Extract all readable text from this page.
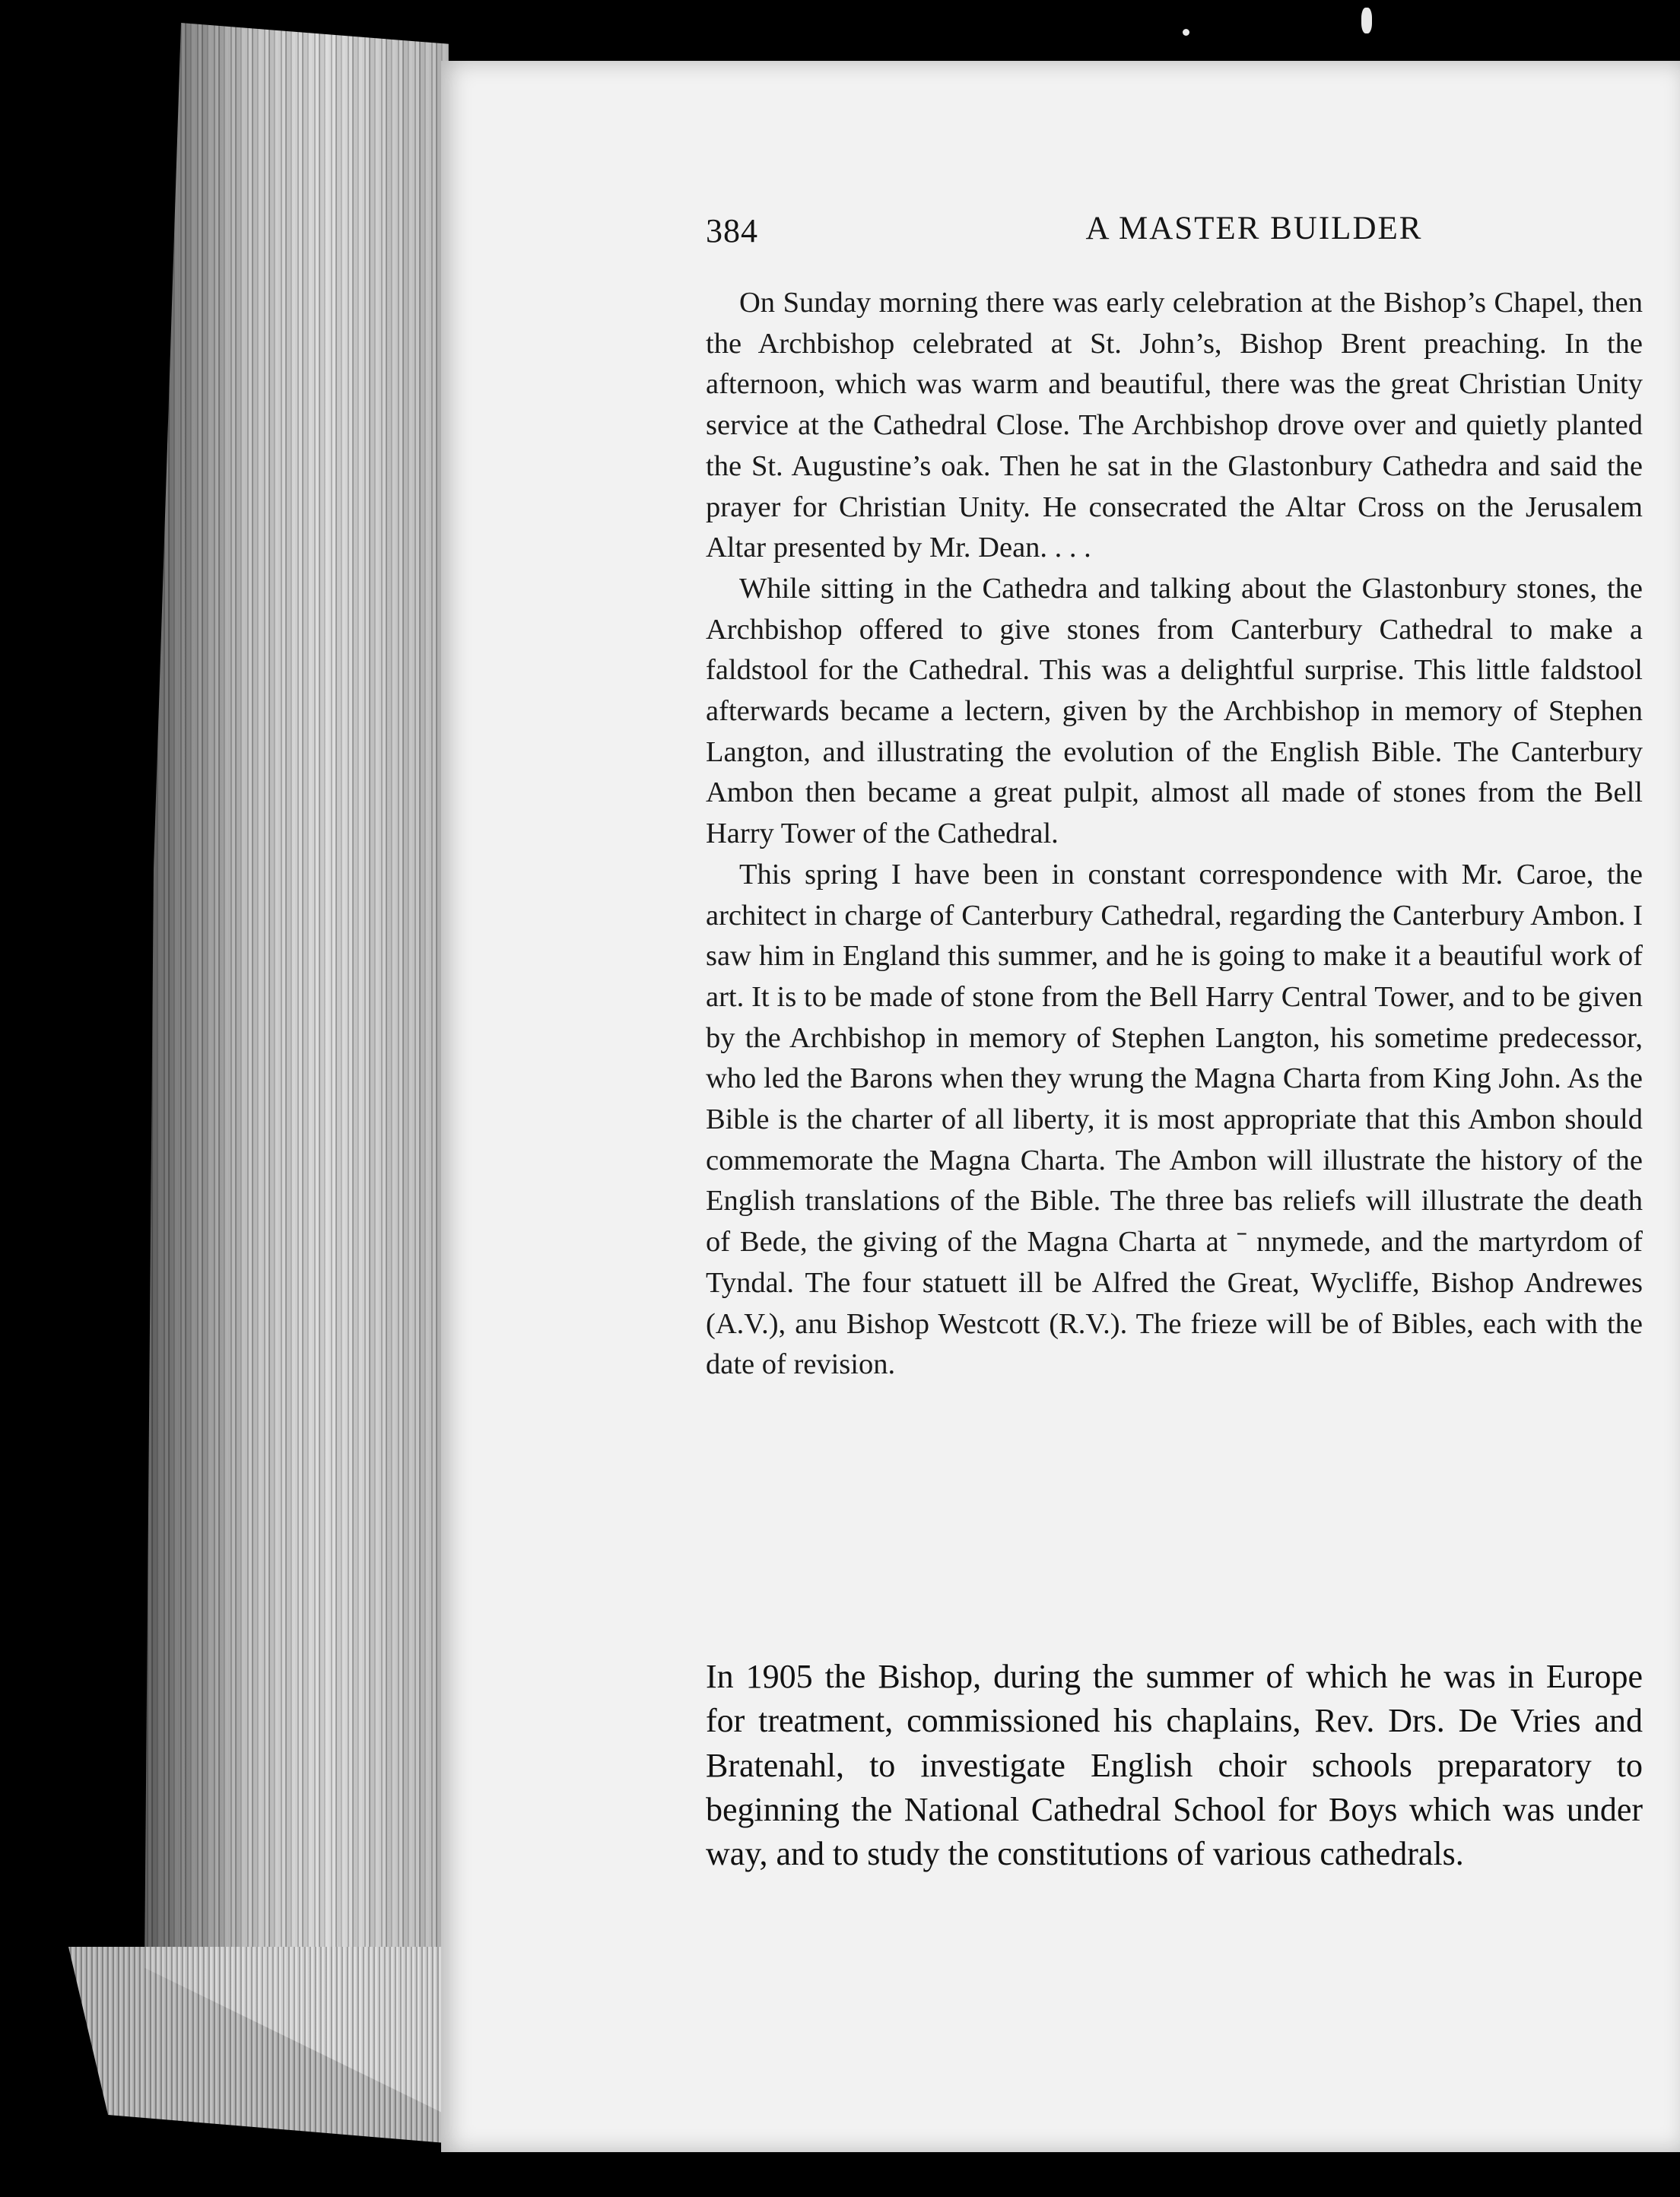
384	A MASTER BUILDER

On Sunday morning there was early celebration at the Bishop’s Chapel, then the Archbishop celebrated at St. John’s, Bishop Brent preaching. In the afternoon, which was warm and beautiful, there was the great Christian Unity service at the Cathedral Close. The Archbishop drove over and quietly planted the St. Augustine’s oak. Then he sat in the Glastonbury Cathedra and said the prayer for Christian Unity. He consecrated the Altar Cross on the Jerusalem Altar presented by Mr. Dean. . . .

While sitting in the Cathedra and talking about the Glastonbury stones, the Archbishop offered to give stones from Canterbury Cathedral to make a faldstool for the Cathedral. This was a delightful surprise. This little faldstool afterwards became a lectern, given by the Archbishop in memory of Stephen Langton, and illustrating the evolution of the English Bible. The Canterbury Ambon then became a great pulpit, almost all made of stones from the Bell Harry Tower of the Cathedral.

This spring I have been in constant correspondence with Mr. Caroe, the architect in charge of Canterbury Cathedral, regarding the Canterbury Ambon. I saw him in England this summer, and he is going to make it a beautiful work of art. It is to be made of stone from the Bell Harry Central Tower, and to be given by the Archbishop in memory of Stephen Langton, his sometime predecessor, who led the Barons when they wrung the Magna Charta from King John. As the Bible is the charter of all liberty, it is most appropriate that this Ambon should commemorate the Magna Charta. The Ambon will illustrate the history of the English translations of the Bible. The three bas reliefs will illustrate the death of Bede, the giving of the Magna Charta at ˉ nnymede, and the martyrdom of Tyndal. The four statuett ill be Alfred the Great, Wycliffe, Bishop Andrewes (A.V.), anu Bishop Westcott (R.V.). The frieze will be of Bibles, each with the date of revision.

In 1905 the Bishop, during the summer of which he was in Europe for treatment, commissioned his chaplains, Rev. Drs. De Vries and Bratenahl, to investigate English choir schools preparatory to beginning the National Cathedral School for Boys which was under way, and to study the constitutions of various cathedrals.
